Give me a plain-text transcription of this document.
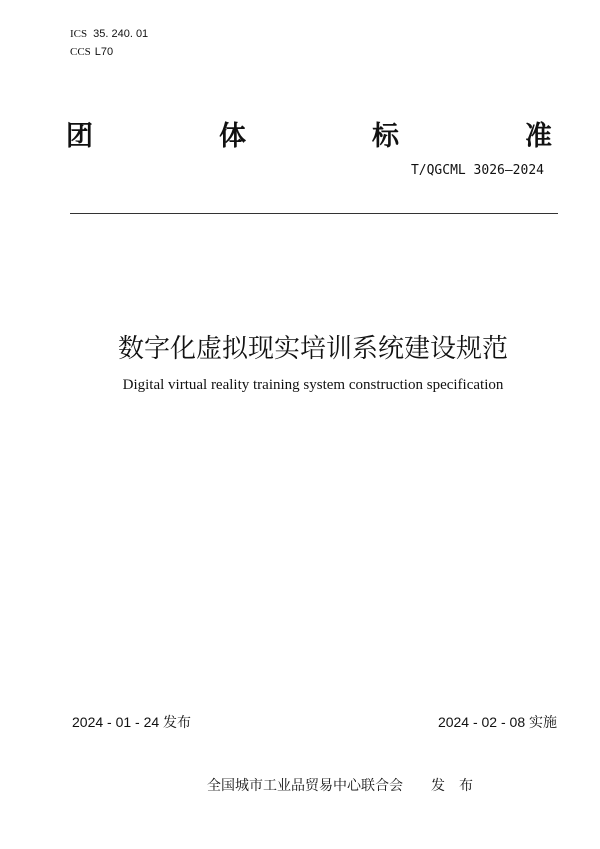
ICS 35. 240. 01
CCS L70
团	体	标	准
T/QGCML 3026—2024
数字化虚拟现实培训系统建设规范
Digital virtual reality training system construction specification
2024 - 01 - 24 发布	2024 - 02 - 08 实施
全国城市工业品贸易中心联合会　　发　布
